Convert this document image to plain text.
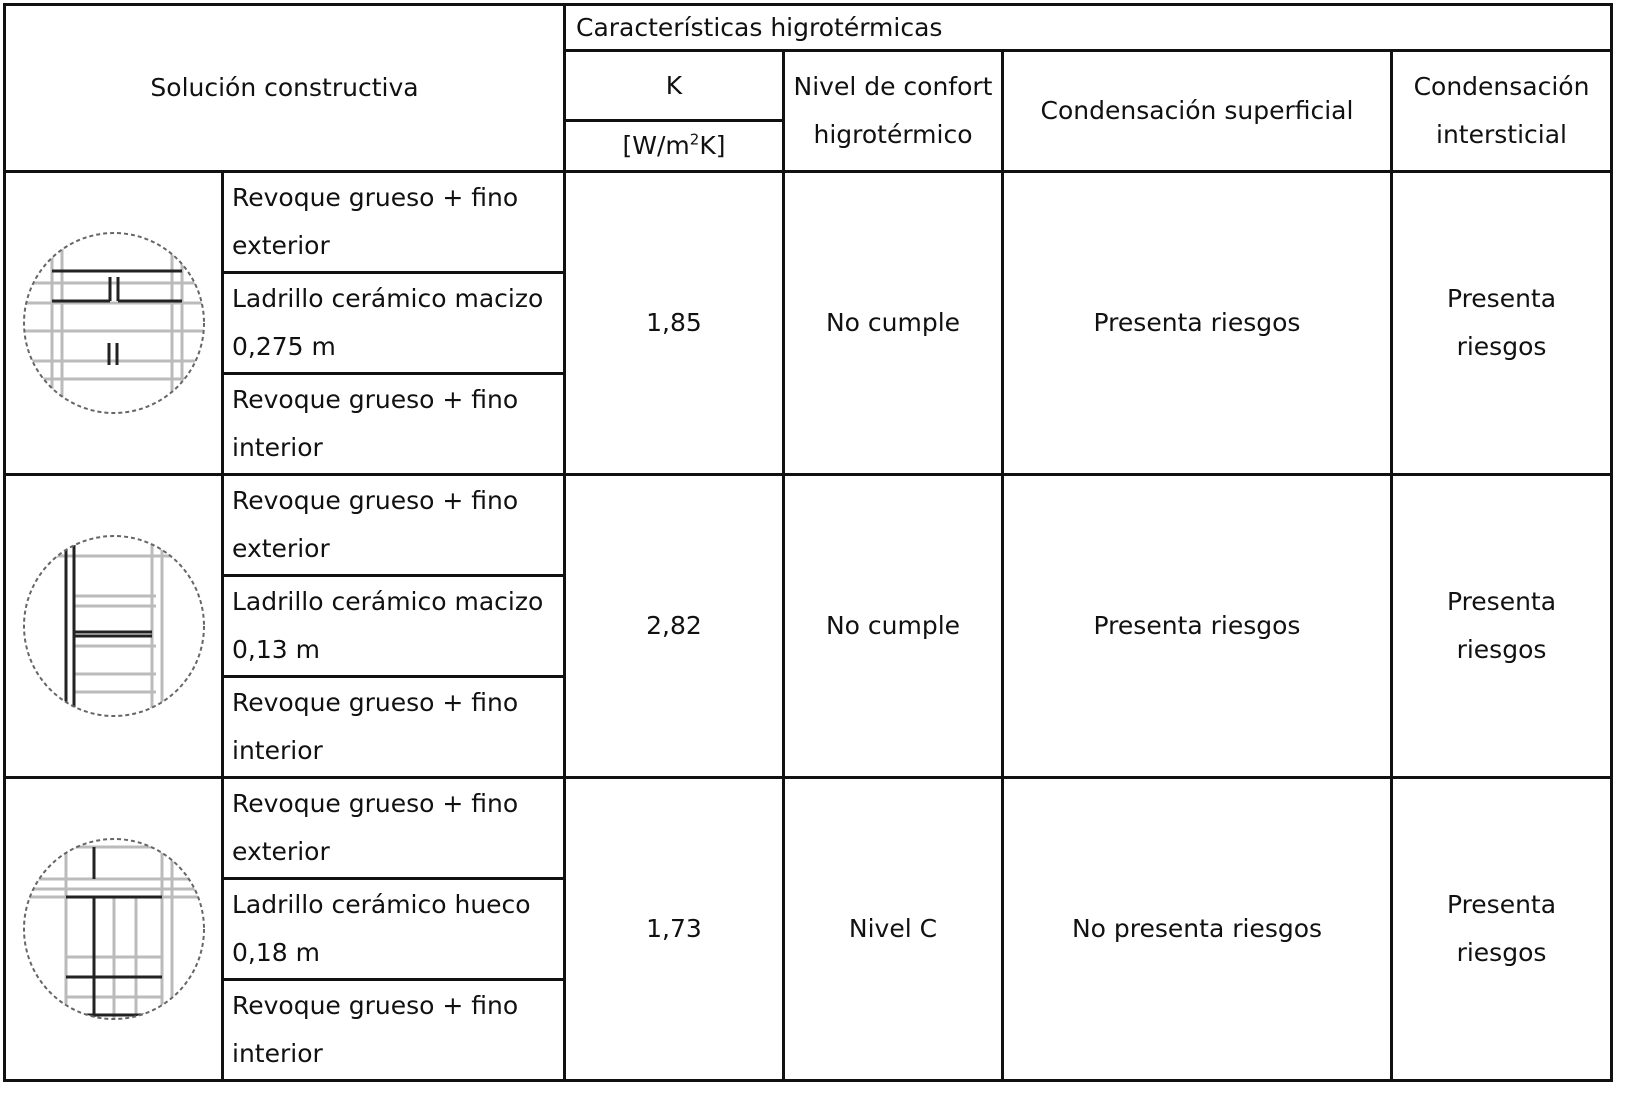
Solución constructiva		Características higrotérmicas			
		K	Nivel de confort higrotérmico	Condensación superficial	Condensación intersticial
		$[W/m^2K]$			

	Revoque grueso + fino exterior	1,85	No cumple	Presenta riesgos	Presenta riesgos
	Ladrillo cerámico macizo 0,275 m				
	Revoque grueso + fino interior				

	Revoque grueso + fino exterior	2,82	No cumple	Presenta riesgos	Presenta riesgos
	Ladrillo cerámico macizo 0,13 m				
	Revoque grueso + fino interior				

	Revoque grueso + fino exterior	1,73	Nivel C	No presenta riesgos	Presenta riesgos
	Ladrillo cerámico hueco 0,18 m				
	Revoque grueso + fino interior				
